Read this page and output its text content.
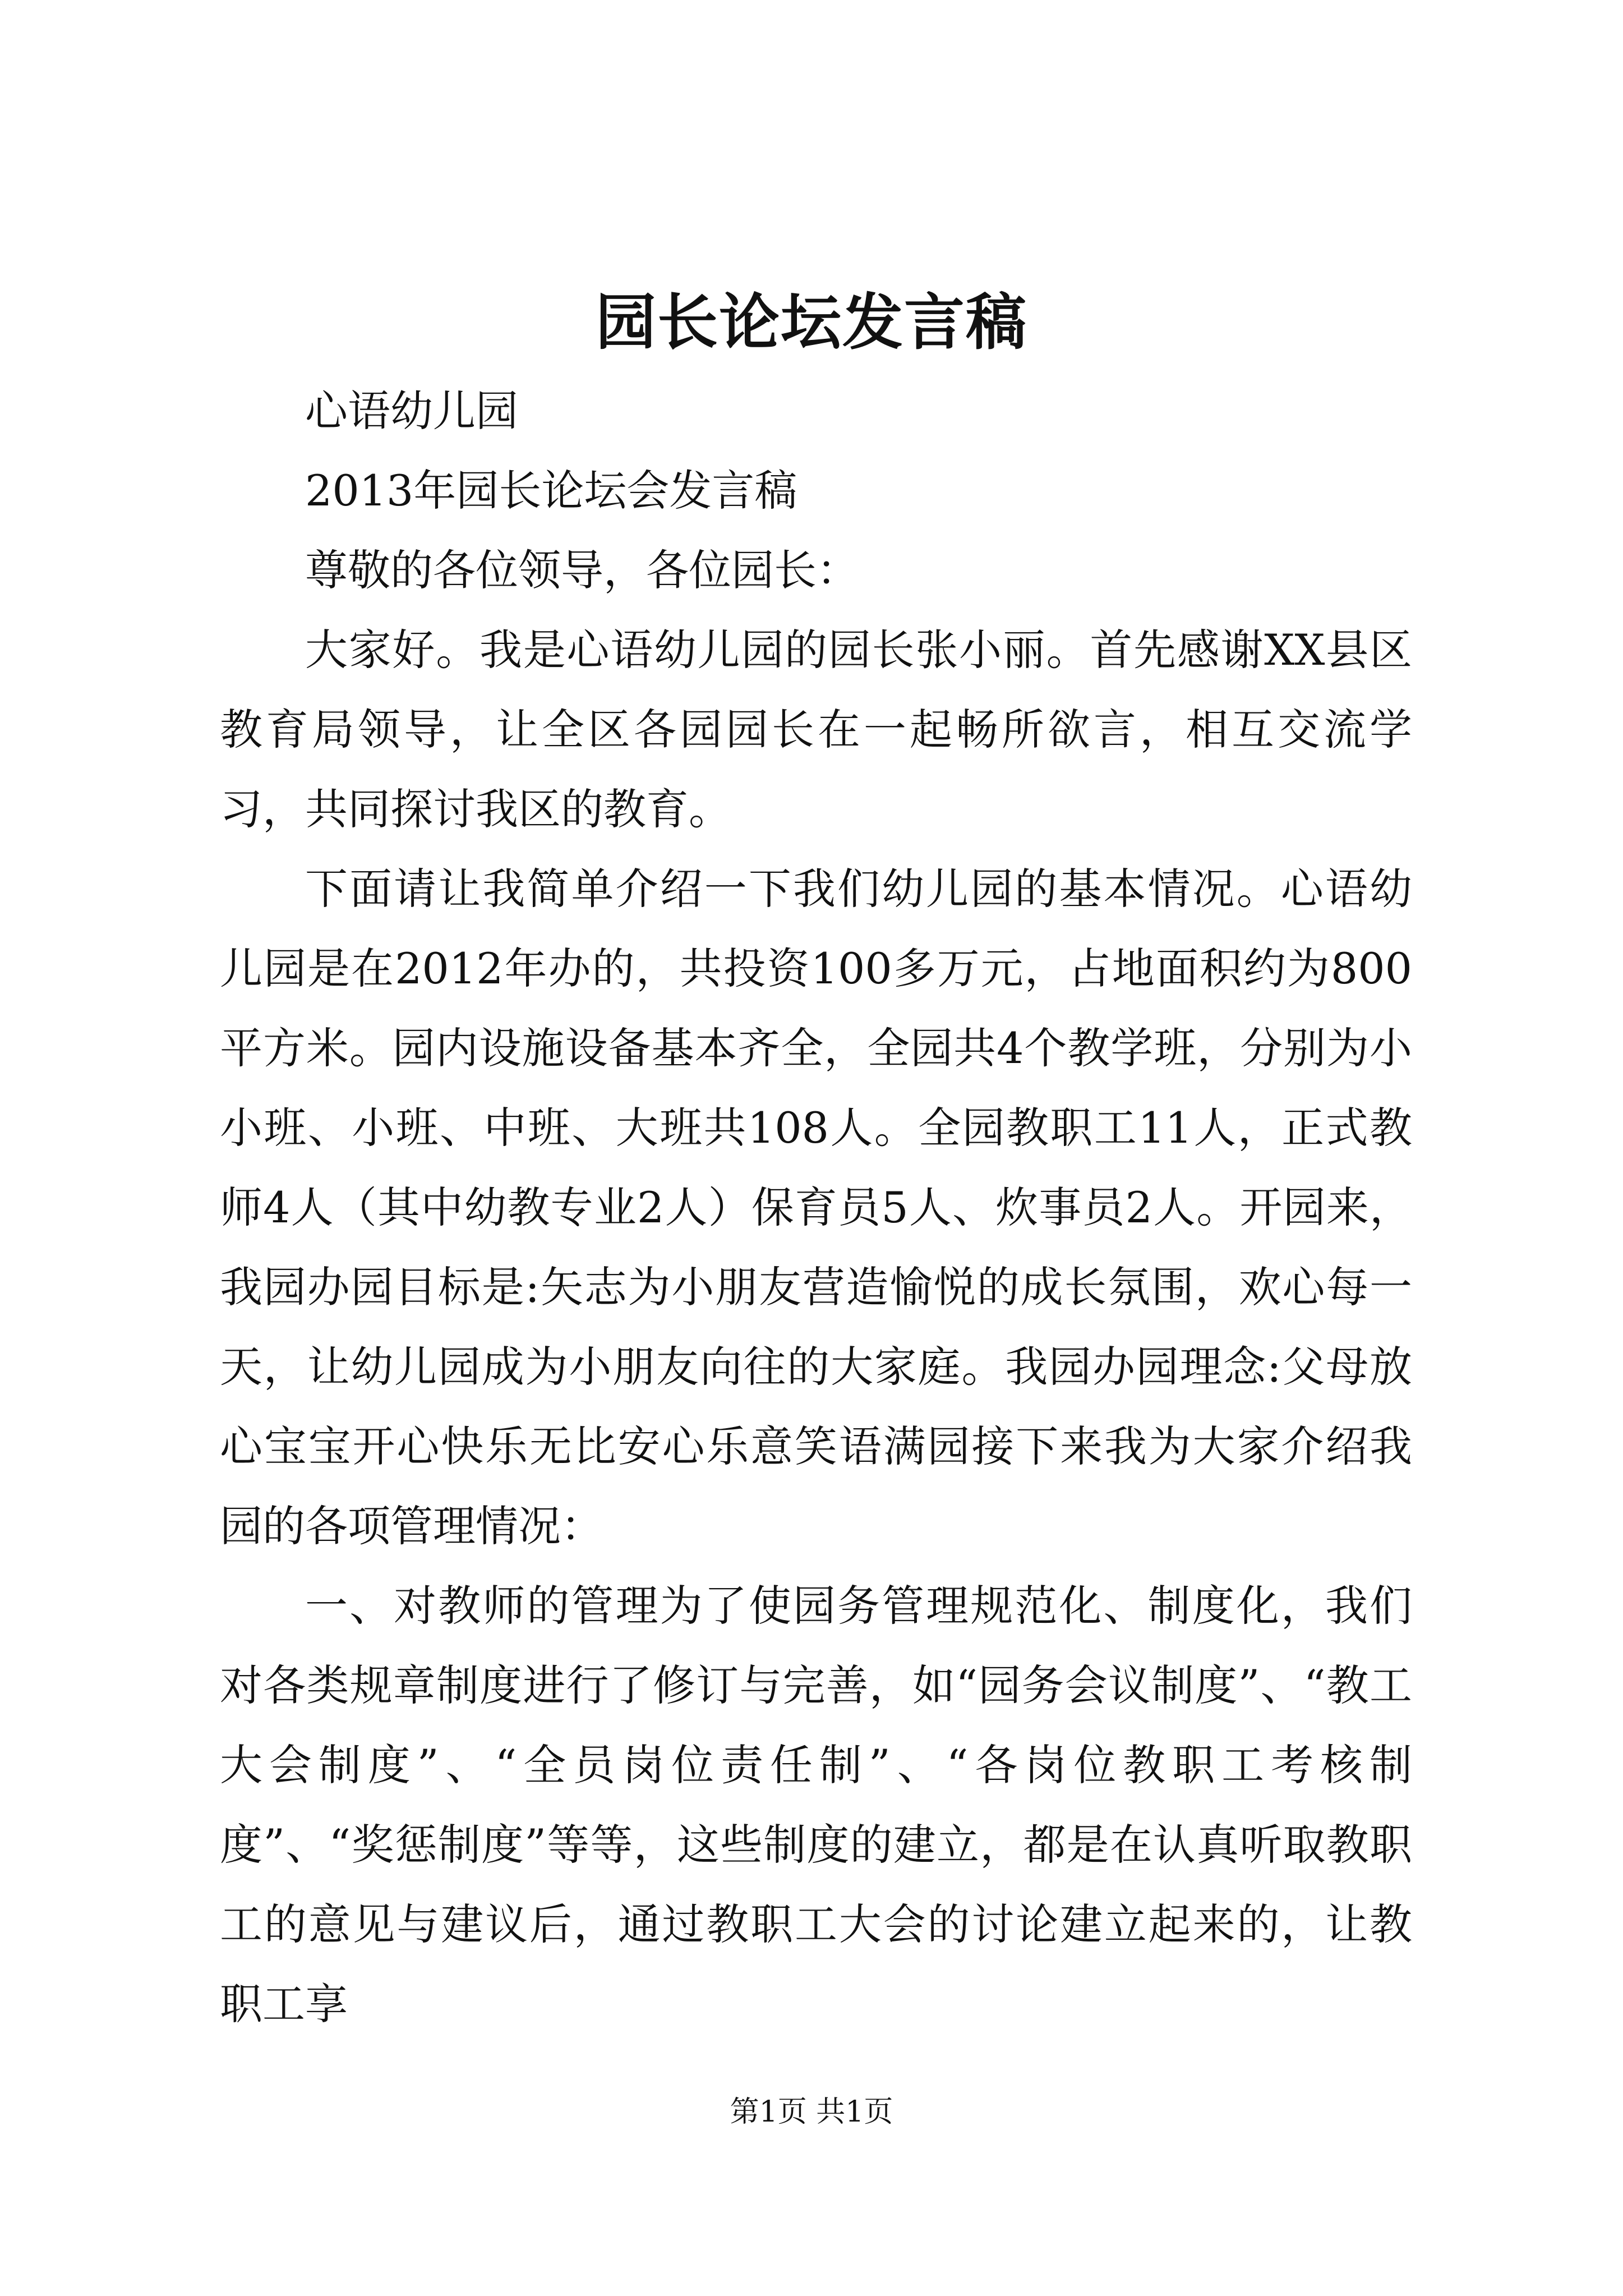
园长论坛发言稿

心语幼儿园

2013年园长论坛会发言稿

尊敬的各位领导，各位园长：

大家好。我是心语幼儿园的园长张小丽。首先感谢XX县区教育局领导，让全区各园园长在一起畅所欲言，相互交流学习，共同探讨我区的教育。

下面请让我简单介绍一下我们幼儿园的基本情况。心语幼儿园是在2012年办的，共投资100多万元，占地面积约为800平方米。园内设施设备基本齐全，全园共4个教学班，分别为小小班、小班、中班、大班共108人。全园教职工11人，正式教师4人（其中幼教专业2人）保育员5人、炊事员2人。开园来，我园办园目标是:矢志为小朋友营造愉悦的成长氛围，欢心每一天，让幼儿园成为小朋友向往的大家庭。我园办园理念:父母放心宝宝开心快乐无比安心乐意笑语满园接下来我为大家介绍我园的各项管理情况：

一、对教师的管理为了使园务管理规范化、制度化，我们对各类规章制度进行了修订与完善，如“园务会议制度”、“教工大会制度”、“全员岗位责任制”、“各岗位教职工考核制度”、“奖惩制度”等等，这些制度的建立，都是在认真听取教职工的意见与建议后，通过教职工大会的讨论建立起来的，让教职工享

第1页 共1页
